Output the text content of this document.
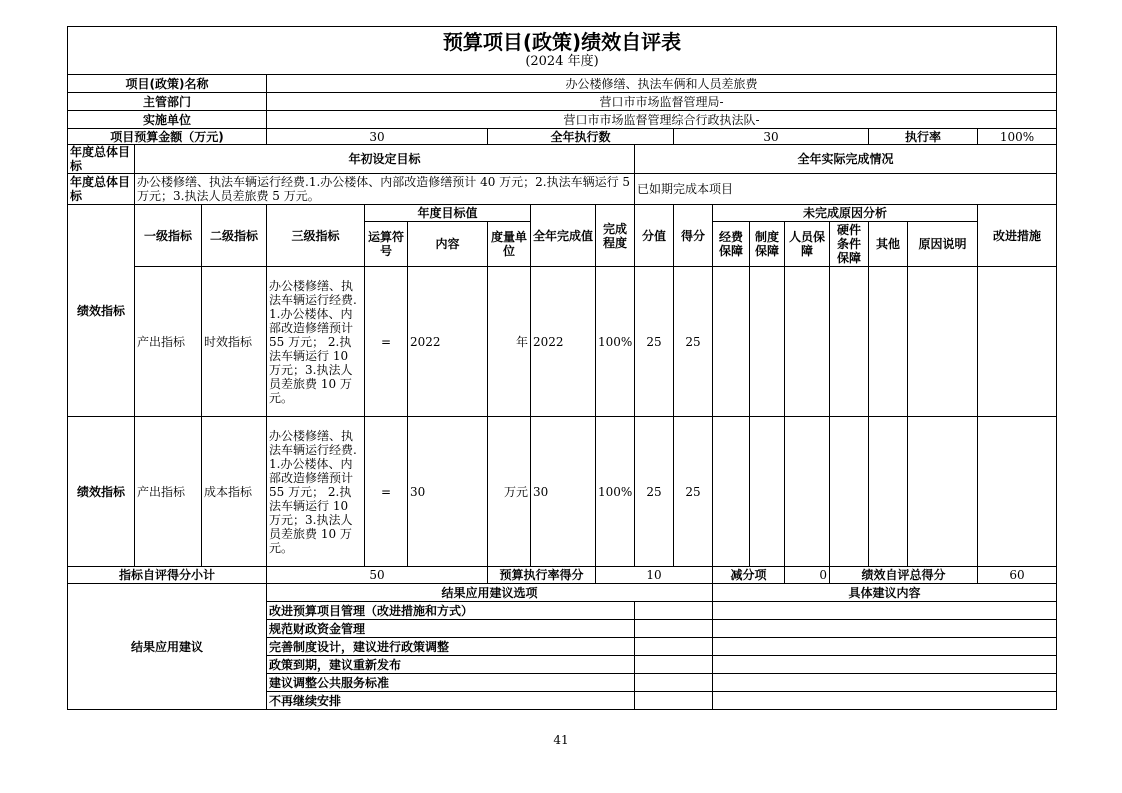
预算项目(政策)绩效自评表
(2024 年度)																	

项目(政策)名称			办公楼修缮、执法车俩和人员差旅费														
主管部门			营口市市场监督管理局-														
实施单位			营口市市场监督管理综合行政执法队-														
项目预算金额（万元)			30			全年执行数				30					执行率		100%
年度总体目标	年初设定目标								全年实际完成情况								
年度总体目标	办公楼修缮、执法车辆运行经费.1.办公楼体、内部改造修缮预计 40 万元；2.执法车辆运行 5 万元；3.执法人员差旅费 5 万元。								已如期完成本项目								
绩效指标	一级指标	二级指标	三级指标	年度目标值			全年完成值	完成程度	分值	得分	未完成原因分析						改进措施
				运算符号	内容	度量单位					经费保障	制度保障	人员保障	硬件条件保障	其他	原因说明	
	产出指标	时效指标	办公楼修缮、执法车辆运行经费.1.办公楼体、内部改造修缮预计 55 万元； 2.执法车辆运行 10 万元；3.执法人员差旅费 10 万元。	=	2022	年	2022	100%	25	25							
绩效指标	产出指标	成本指标	办公楼修缮、执法车辆运行经费.1.办公楼体、内部改造修缮预计 55 万元； 2.执法车辆运行 10 万元；3.执法人员差旅费 10 万元。	=	30	万元	30	100%	25	25							
指标自评得分小计			50			预算执行率得分		10			减分项		0	绩效自评总得分			60
结果应用建议			结果应用建议选项								具体建议内容						
			改进预算项目管理（改进措施和方式）														
			规范财政资金管理														
			完善制度设计，建议进行政策调整														
			政策到期，建议重新发布														
			建议调整公共服务标准														
			不再继续安排														
41
